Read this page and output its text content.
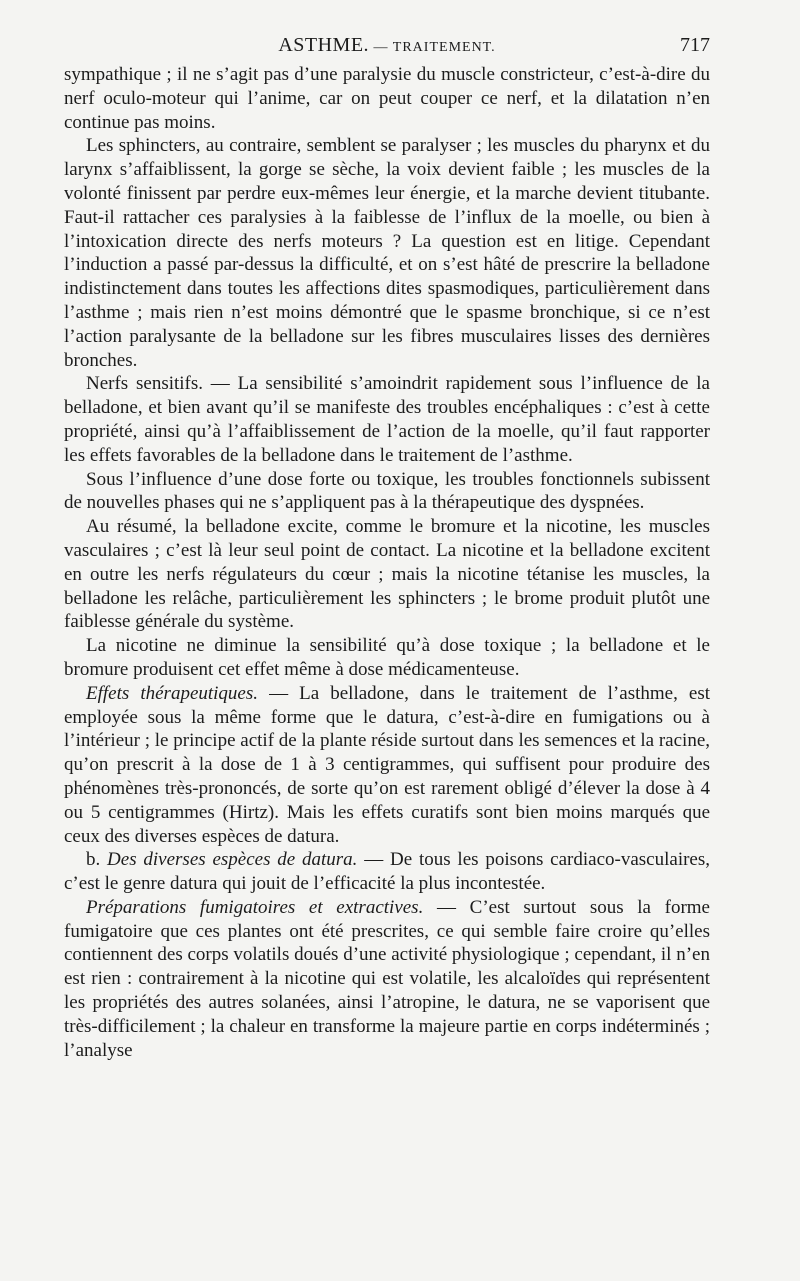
ASTHME. — TRAITEMENT.	717

sympathique ; il ne s’agit pas d’une paralysie du muscle constricteur, c’est-à-dire du nerf oculo-moteur qui l’anime, car on peut couper ce nerf, et la dilatation n’en continue pas moins.

Les sphincters, au contraire, semblent se paralyser ; les muscles du pharynx et du larynx s’affaiblissent, la gorge se sèche, la voix devient faible ; les muscles de la volonté finissent par perdre eux-mêmes leur énergie, et la marche devient titubante. Faut-il rattacher ces paralysies à la faiblesse de l’influx de la moelle, ou bien à l’intoxication directe des nerfs moteurs ? La question est en litige. Cependant l’induction a passé par-dessus la difficulté, et on s’est hâté de prescrire la belladone indistinctement dans toutes les affections dites spasmodiques, particulièrement dans l’asthme ; mais rien n’est moins démontré que le spasme bronchique, si ce n’est l’action paralysante de la belladone sur les fibres musculaires lisses des dernières bronches.

Nerfs sensitifs. — La sensibilité s’amoindrit rapidement sous l’influence de la belladone, et bien avant qu’il se manifeste des troubles encéphaliques : c’est à cette propriété, ainsi qu’à l’affaiblissement de l’action de la moelle, qu’il faut rapporter les effets favorables de la belladone dans le traitement de l’asthme.

Sous l’influence d’une dose forte ou toxique, les troubles fonctionnels subissent de nouvelles phases qui ne s’appliquent pas à la thérapeutique des dyspnées.

Au résumé, la belladone excite, comme le bromure et la nicotine, les muscles vasculaires ; c’est là leur seul point de contact. La nicotine et la belladone excitent en outre les nerfs régulateurs du cœur ; mais la nicotine tétanise les muscles, la belladone les relâche, particulièrement les sphincters ; le brome produit plutôt une faiblesse générale du système.

La nicotine ne diminue la sensibilité qu’à dose toxique ; la belladone et le bromure produisent cet effet même à dose médicamenteuse.

Effets thérapeutiques. — La belladone, dans le traitement de l’asthme, est employée sous la même forme que le datura, c’est-à-dire en fumigations ou à l’intérieur ; le principe actif de la plante réside surtout dans les semences et la racine, qu’on prescrit à la dose de 1 à 3 centigrammes, qui suffisent pour produire des phénomènes très-prononcés, de sorte qu’on est rarement obligé d’élever la dose à 4 ou 5 centigrammes (Hirtz). Mais les effets curatifs sont bien moins marqués que ceux des diverses espèces de datura.

b. Des diverses espèces de datura. — De tous les poisons cardiaco-vasculaires, c’est le genre datura qui jouit de l’efficacité la plus incontestée.

Préparations fumigatoires et extractives. — C’est surtout sous la forme fumigatoire que ces plantes ont été prescrites, ce qui semble faire croire qu’elles contiennent des corps volatils doués d’une activité physiologique ; cependant, il n’en est rien : contrairement à la nicotine qui est volatile, les alcaloïdes qui représentent les propriétés des autres solanées, ainsi l’atropine, le datura, ne se vaporisent que très-difficilement ; la chaleur en transforme la majeure partie en corps indéterminés ; l’analyse
